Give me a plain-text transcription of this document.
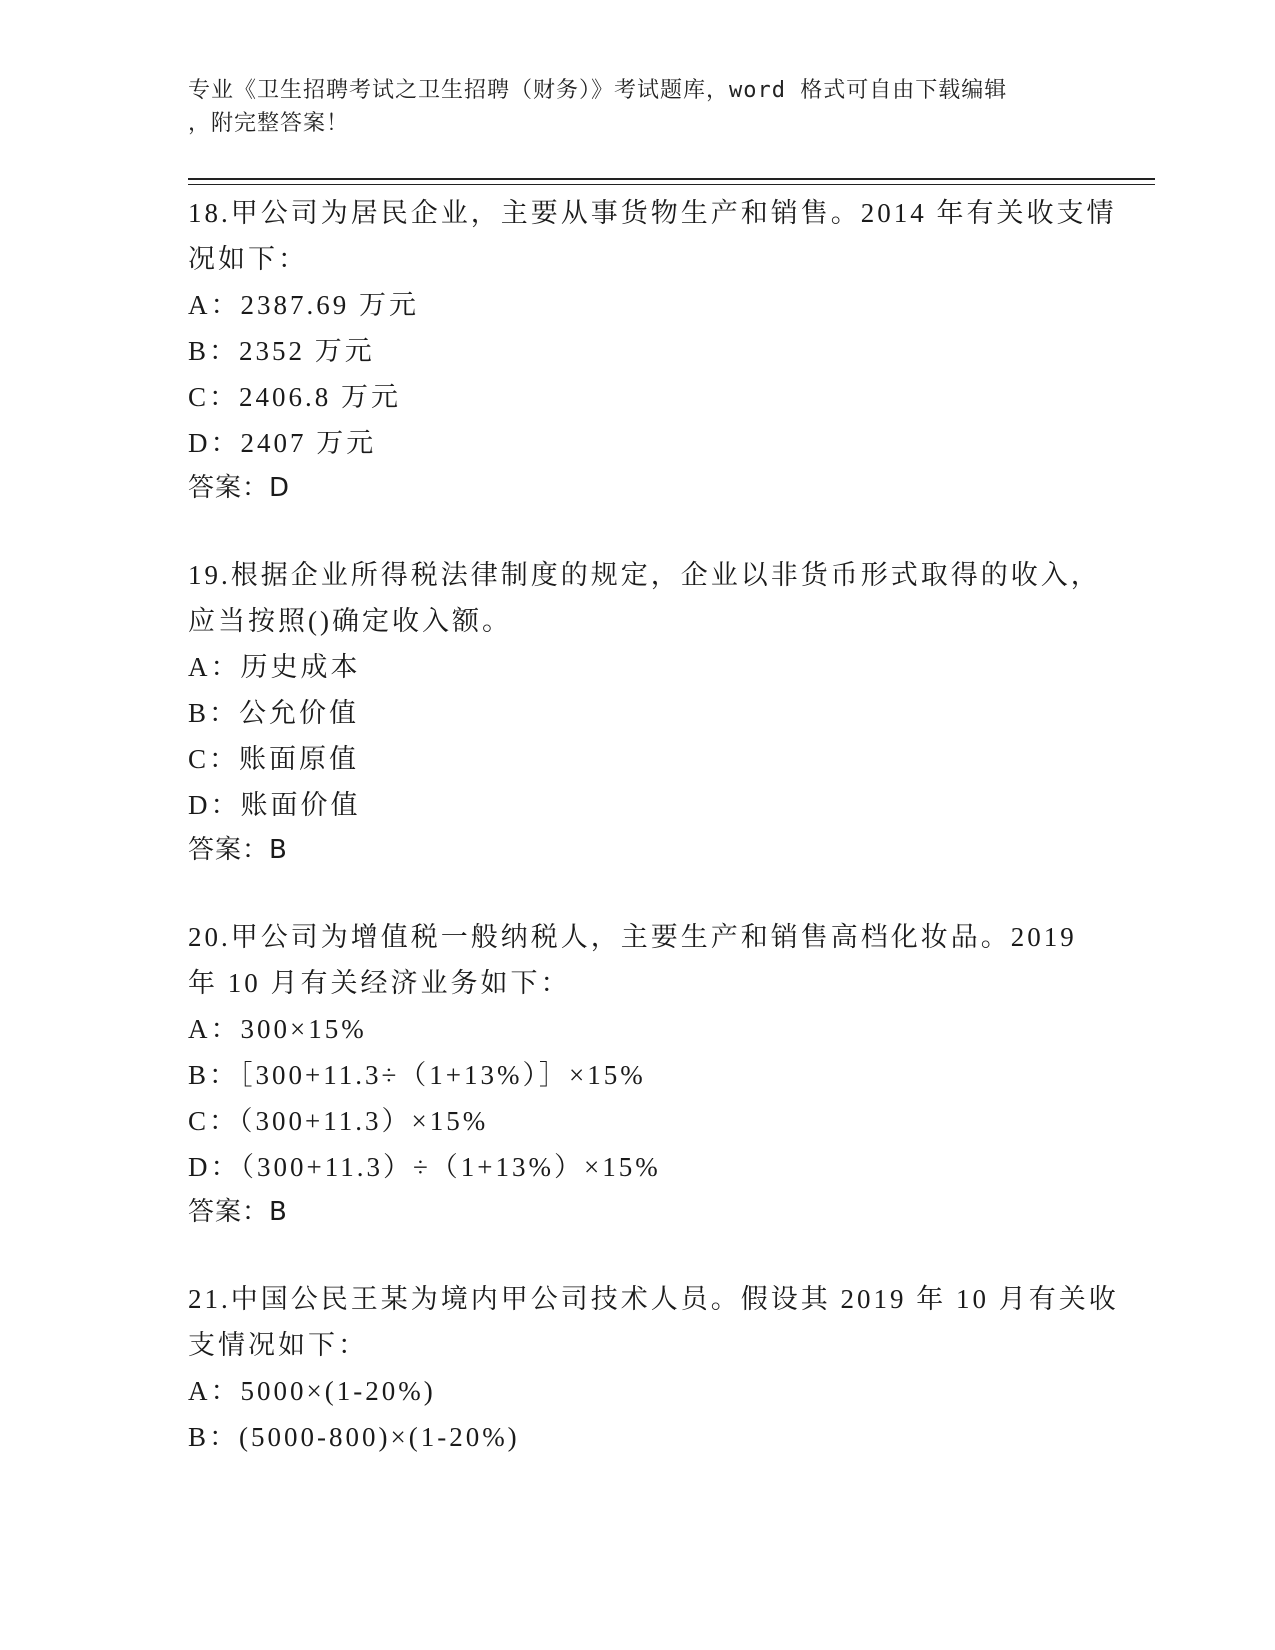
专业《卫生招聘考试之卫生招聘（财务）》考试题库，word 格式可自由下载编辑
，附完整答案！
18.甲公司为居民企业，主要从事货物生产和销售。2014 年有关收支情
况如下：
A：2387.69 万元
B：2352 万元
C：2406.8 万元
D：2407 万元
答案：D
19.根据企业所得税法律制度的规定，企业以非货币形式取得的收入，
应当按照()确定收入额。
A：历史成本
B：公允价值
C：账面原值
D：账面价值
答案：B
20.甲公司为增值税一般纳税人，主要生产和销售高档化妆品。2019
年 10 月有关经济业务如下：
A：300×15%
B：［300+11.3÷（1+13%）］×15%
C：（300+11.3）×15%
D：（300+11.3）÷（1+13%）×15%
答案：B
21.中国公民王某为境内甲公司技术人员。假设其 2019 年 10 月有关收
支情况如下：
A：5000×(1-20%)
B：(5000-800)×(1-20%)
